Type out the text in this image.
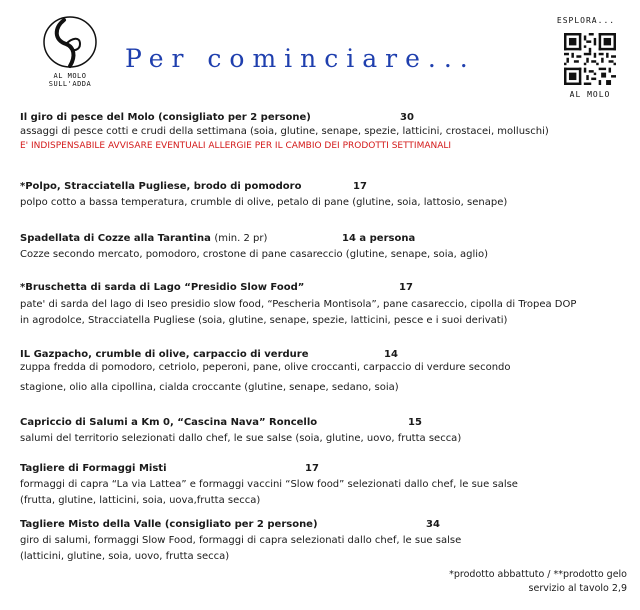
AL MOLO SULL'ADDA
Per cominciare...
ESPLORA...
AL MOLO
Il giro di pesce del Molo (consigliato per 2 persone)	30
assaggi di pesce cotti e crudi della settimana (soia, glutine, senape, spezie, latticini, crostacei, molluschi)
E' INDISPENSABILE AVVISARE EVENTUALI ALLERGIE PER IL CAMBIO DEI PRODOTTI SETTIMANALI
*Polpo, Stracciatella Pugliese, brodo di pomodoro	17
polpo cotto a bassa temperatura, crumble di olive, petalo di pane (glutine, soia, lattosio, senape)
Spadellata di Cozze alla Tarantina (min. 2 pr)	14 a persona
Cozze secondo mercato, pomodoro, crostone di pane casareccio (glutine, senape, soia, aglio)
*Bruschetta di sarda di Lago “Presidio Slow Food”	17
pate' di sarda del lago di Iseo presidio slow food, “Pescheria Montisola”, pane casareccio, cipolla di Tropea DOP
in agrodolce, Stracciatella Pugliese (soia, glutine, senape, spezie, latticini, pesce e i suoi derivati)
IL Gazpacho, crumble di olive, carpaccio di verdure	14
zuppa fredda di pomodoro, cetriolo, peperoni, pane, olive croccanti, carpaccio di verdure secondo
stagione, olio alla cipollina, cialda croccante (glutine, senape, sedano, soia)
Capriccio di Salumi a Km 0, “Cascina Nava” Roncello	15
salumi del territorio selezionati dallo chef, le sue salse (soia, glutine, uovo, frutta secca)
Tagliere di Formaggi Misti	17
formaggi di capra “La via Lattea” e formaggi vaccini “Slow food” selezionati dallo chef, le sue salse
(frutta, glutine, latticini, soia, uova,frutta secca)
Tagliere Misto della Valle (consigliato per 2 persone)	34
giro di salumi, formaggi Slow Food, formaggi di capra selezionati dallo chef, le sue salse
(latticini, glutine, soia, uovo, frutta secca)
*prodotto abbattuto / **prodotto gelo
servizio al tavolo 2,9
